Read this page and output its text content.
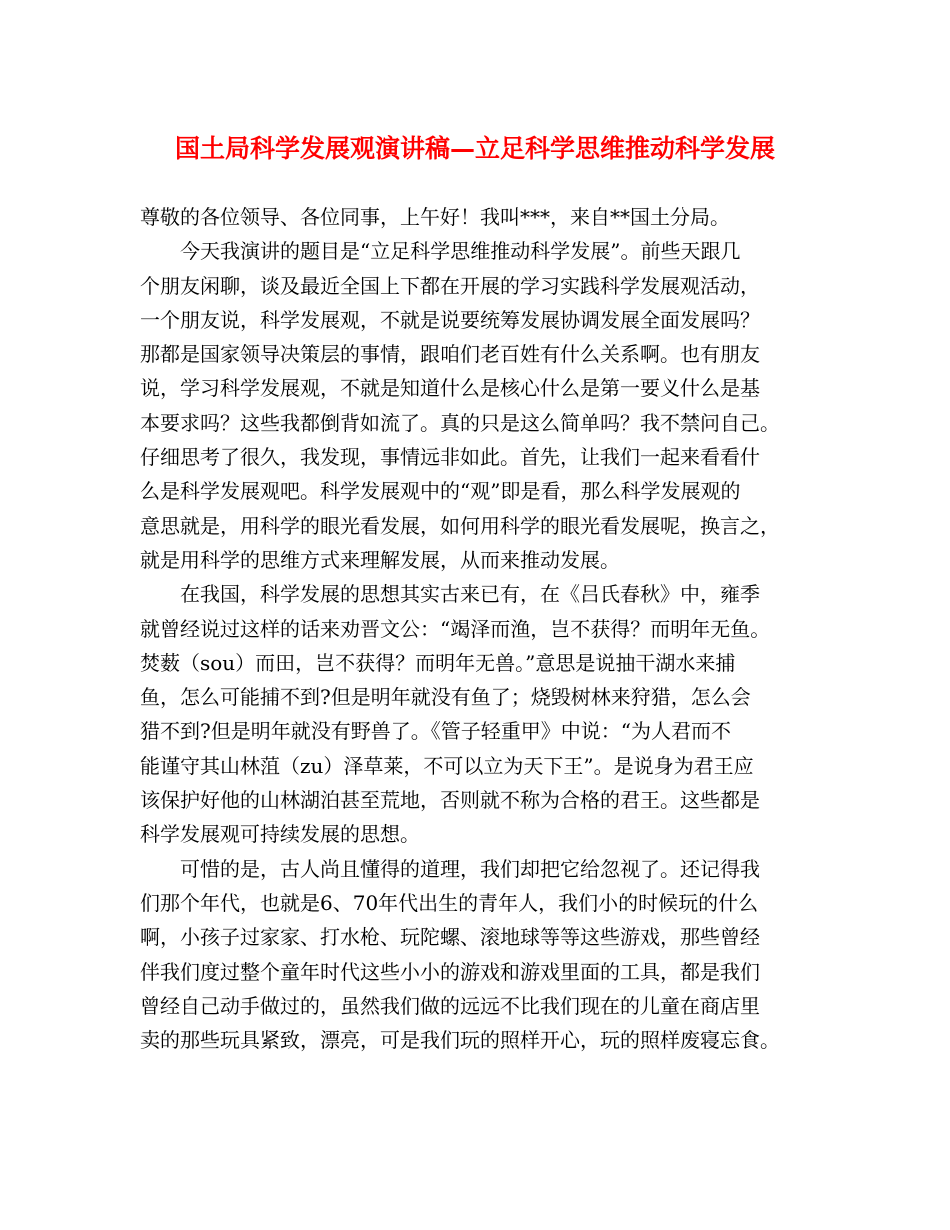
国土局科学发展观演讲稿—立足科学思维推动科学发展
尊敬的各位领导、各位同事，上午好！我叫***，来自**国土分局。
今天我演讲的题目是“立足科学思维推动科学发展”。前些天跟几
个朋友闲聊，谈及最近全国上下都在开展的学习实践科学发展观活动，
一个朋友说，科学发展观，不就是说要统筹发展协调发展全面发展吗？
那都是国家领导决策层的事情，跟咱们老百姓有什么关系啊。也有朋友
说，学习科学发展观，不就是知道什么是核心什么是第一要义什么是基
本要求吗？这些我都倒背如流了。真的只是这么简单吗？我不禁问自己。
仔细思考了很久，我发现，事情远非如此。首先，让我们一起来看看什
么是科学发展观吧。科学发展观中的“观”即是看，那么科学发展观的
意思就是，用科学的眼光看发展，如何用科学的眼光看发展呢，换言之，
就是用科学的思维方式来理解发展，从而来推动发展。
在我国，科学发展的思想其实古来已有，在《吕氏春秋》中，雍季
就曾经说过这样的话来劝晋文公：“竭泽而渔，岂不获得？而明年无鱼。
焚薮（sou）而田，岂不获得？而明年无兽。”意思是说抽干湖水来捕
鱼，怎么可能捕不到?但是明年就没有鱼了；烧毁树林来狩猎，怎么会
猎不到?但是明年就没有野兽了。《管子轻重甲》中说：“为人君而不
能谨守其山林菹（zu）泽草莱，不可以立为天下王”。是说身为君王应
该保护好他的山林湖泊甚至荒地，否则就不称为合格的君王。这些都是
科学发展观可持续发展的思想。
可惜的是，古人尚且懂得的道理，我们却把它给忽视了。还记得我
们那个年代，也就是6、70年代出生的青年人，我们小的时候玩的什么
啊，小孩子过家家、打水枪、玩陀螺、滚地球等等这些游戏，那些曾经
伴我们度过整个童年时代这些小小的游戏和游戏里面的工具，都是我们
曾经自己动手做过的，虽然我们做的远远不比我们现在的儿童在商店里
卖的那些玩具紧致，漂亮，可是我们玩的照样开心，玩的照样废寝忘食。
